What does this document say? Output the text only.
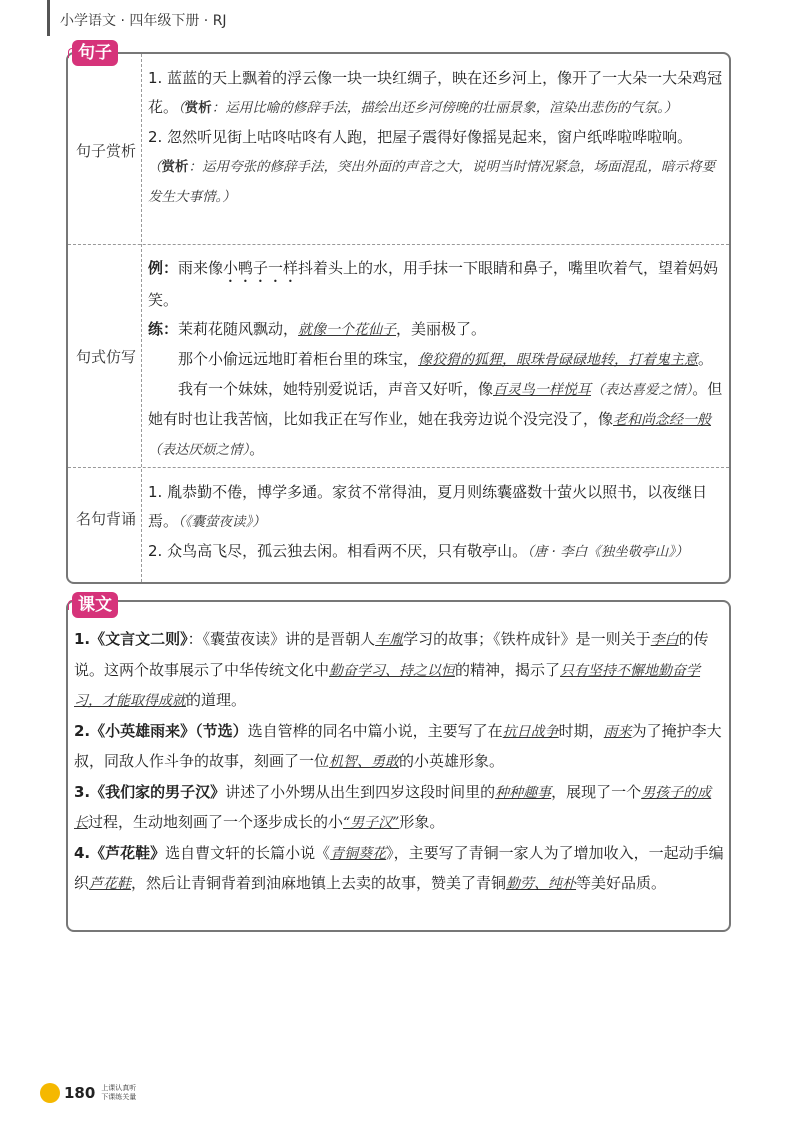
小学语文 · 四年级下册 · RJ
句子
句子赏析
1. 蓝蓝的天上飘着的浮云像一块一块红绸子，映在还乡河上，像开了一大朵一大朵鸡冠花。（赏析：运用比喻的修辞手法，描绘出还乡河傍晚的壮丽景象，渲染出悲伤的气氛。）
2. 忽然听见街上咕咚咕咚有人跑，把屋子震得好像摇晃起来，窗户纸哗啦哗啦响。
（赏析：运用夸张的修辞手法，突出外面的声音之大，说明当时情况紧急，场面混乱，暗示将要发生大事情。）
句式仿写
例：雨来像小鸭子一样抖着头上的水，用手抹一下眼睛和鼻子，嘴里吹着气，望着妈妈笑。
练：茉莉花随风飘动，就像一个花仙子，美丽极了。
那个小偷远远地盯着柜台里的珠宝，像狡猾的狐狸，眼珠骨碌碌地转，打着鬼主意。
我有一个妹妹，她特别爱说话，声音又好听，像百灵鸟一样悦耳（表达喜爱之情）。但她有时也让我苦恼，比如我正在写作业，她在我旁边说个没完没了，像老和尚念经一般（表达厌烦之情）。
名句背诵
1. 胤恭勤不倦，博学多通。家贫不常得油，夏月则练囊盛数十萤火以照书，以夜继日焉。（《囊萤夜读》）
2. 众鸟高飞尽，孤云独去闲。相看两不厌，只有敬亭山。（唐 · 李白《独坐敬亭山》）
课文
1.《文言文二则》：《囊萤夜读》讲的是晋朝人车胤学习的故事；《铁杵成针》是一则关于李白的传说。这两个故事展示了中华传统文化中勤奋学习、持之以恒的精神，揭示了只有坚持不懈地勤奋学习，才能取得成就的道理。
2.《小英雄雨来》（节选）选自管桦的同名中篇小说，主要写了在抗日战争时期，雨来为了掩护李大叔，同敌人作斗争的故事，刻画了一位机智、勇敢的小英雄形象。
3.《我们家的男子汉》讲述了小外甥从出生到四岁这段时间里的种种趣事，展现了一个男孩子的成长过程，生动地刻画了一个逐步成长的小“男子汉”形象。
4.《芦花鞋》选自曹文轩的长篇小说《青铜葵花》，主要写了青铜一家人为了增加收入，一起动手编织芦花鞋，然后让青铜背着到油麻地镇上去卖的故事，赞美了青铜勤劳、纯朴等美好品质。
180 上课认真听
下课练关量
